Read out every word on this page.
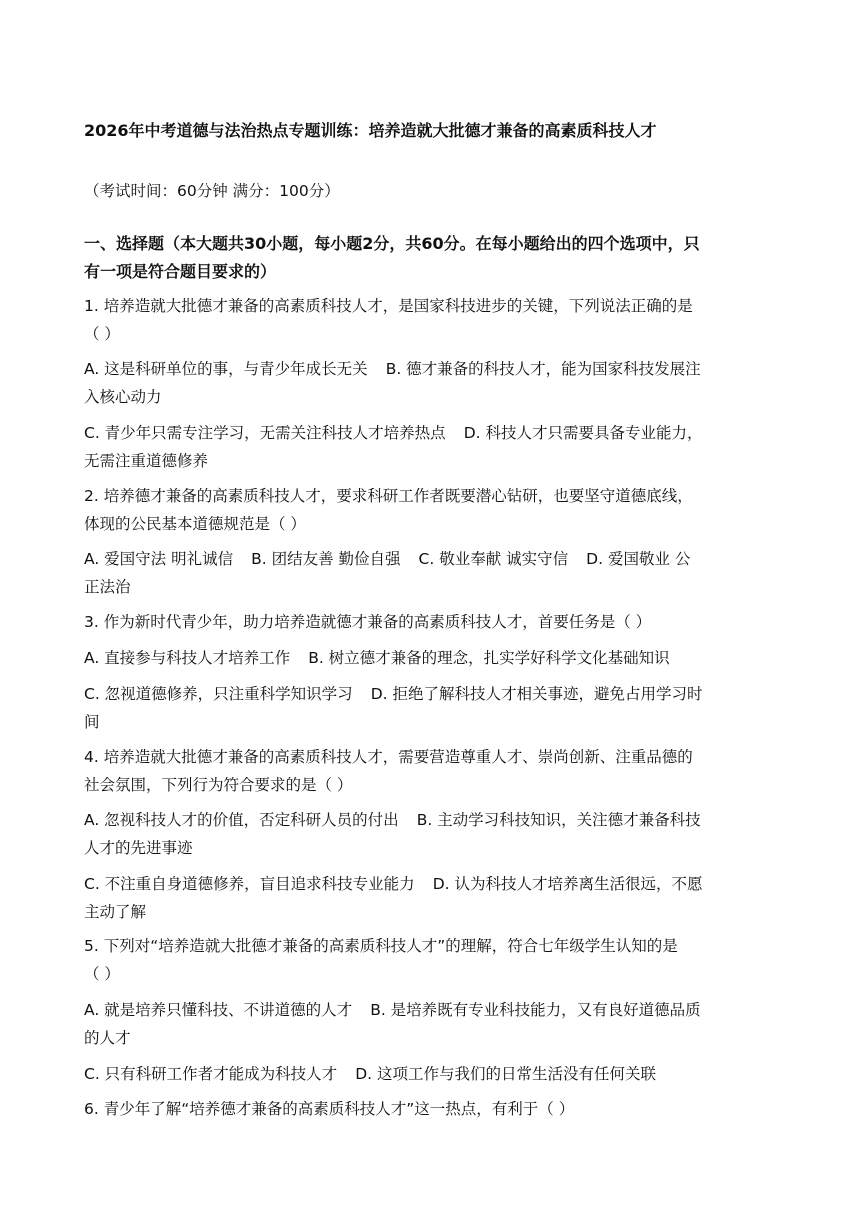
2026年中考道德与法治热点专题训练：培养造就大批德才兼备的高素质科技人才
（考试时间：60分钟 满分：100分）
一、选择题（本大题共30小题，每小题2分，共60分。在每小题给出的四个选项中，只
有一项是符合题目要求的）
1. 培养造就大批德才兼备的高素质科技人才，是国家科技进步的关键，下列说法正确的是
（ ）
A. 这是科研单位的事，与青少年成长无关 B. 德才兼备的科技人才，能为国家科技发展注
入核心动力
C. 青少年只需专注学习，无需关注科技人才培养热点 D. 科技人才只需要具备专业能力，
无需注重道德修养
2. 培养德才兼备的高素质科技人才，要求科研工作者既要潜心钻研，也要坚守道德底线，
体现的公民基本道德规范是（ ）
A. 爱国守法 明礼诚信 B. 团结友善 勤俭自强 C. 敬业奉献 诚实守信 D. 爱国敬业 公
正法治
3. 作为新时代青少年，助力培养造就德才兼备的高素质科技人才，首要任务是（ ）
A. 直接参与科技人才培养工作 B. 树立德才兼备的理念，扎实学好科学文化基础知识
C. 忽视道德修养，只注重科学知识学习 D. 拒绝了解科技人才相关事迹，避免占用学习时
间
4. 培养造就大批德才兼备的高素质科技人才，需要营造尊重人才、崇尚创新、注重品德的
社会氛围，下列行为符合要求的是（ ）
A. 忽视科技人才的价值，否定科研人员的付出 B. 主动学习科技知识，关注德才兼备科技
人才的先进事迹
C. 不注重自身道德修养，盲目追求科技专业能力 D. 认为科技人才培养离生活很远，不愿
主动了解
5. 下列对“培养造就大批德才兼备的高素质科技人才”的理解，符合七年级学生认知的是
（ ）
A. 就是培养只懂科技、不讲道德的人才 B. 是培养既有专业科技能力，又有良好道德品质
的人才
C. 只有科研工作者才能成为科技人才 D. 这项工作与我们的日常生活没有任何关联
6. 青少年了解“培养德才兼备的高素质科技人才”这一热点，有利于（ ）
